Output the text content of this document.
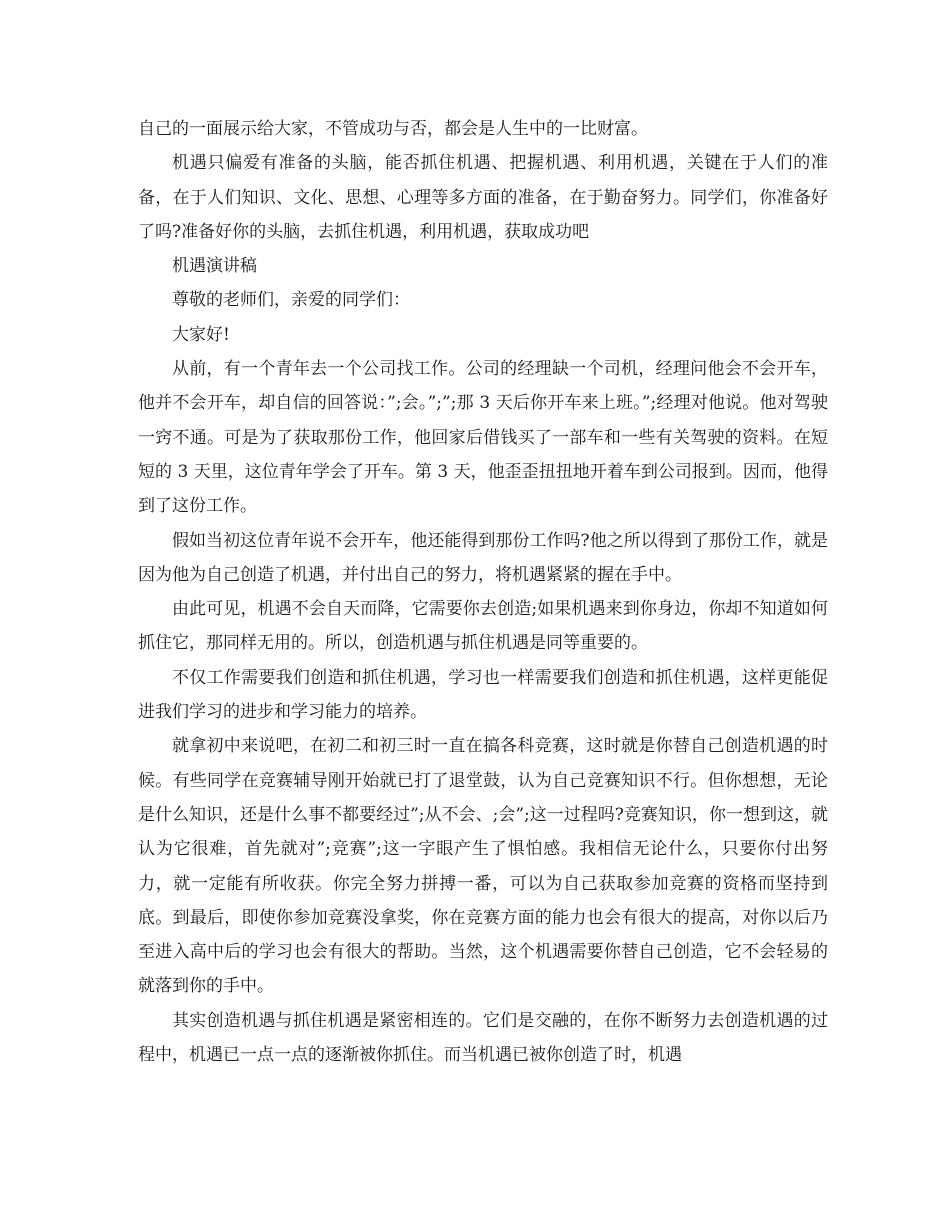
自己的一面展示给大家，不管成功与否，都会是人生中的一比财富。

机遇只偏爱有准备的头脑，能否抓住机遇、把握机遇、利用机遇，关键在于人们的准备，在于人们知识、文化、思想、心理等多方面的准备，在于勤奋努力。同学们，你准备好了吗?准备好你的头脑，去抓住机遇，利用机遇，获取成功吧

机遇演讲稿

尊敬的老师们，亲爱的同学们：

大家好!

从前，有一个青年去一个公司找工作。公司的经理缺一个司机，经理问他会不会开车，他并不会开车，却自信的回答说：”;会。”;”;那 3 天后你开车来上班。”;经理对他说。他对驾驶一窍不通。可是为了获取那份工作，他回家后借钱买了一部车和一些有关驾驶的资料。在短短的 3 天里，这位青年学会了开车。第 3 天，他歪歪扭扭地开着车到公司报到。因而，他得到了这份工作。

假如当初这位青年说不会开车，他还能得到那份工作吗?他之所以得到了那份工作，就是因为他为自己创造了机遇，并付出自己的努力，将机遇紧紧的握在手中。

由此可见，机遇不会自天而降，它需要你去创造;如果机遇来到你身边，你却不知道如何抓住它，那同样无用的。所以，创造机遇与抓住机遇是同等重要的。

不仅工作需要我们创造和抓住机遇，学习也一样需要我们创造和抓住机遇，这样更能促进我们学习的进步和学习能力的培养。

就拿初中来说吧，在初二和初三时一直在搞各科竞赛，这时就是你替自己创造机遇的时候。有些同学在竞赛辅导刚开始就已打了退堂鼓，认为自己竞赛知识不行。但你想想，无论是什么知识，还是什么事不都要经过”;从不会、;会”;这一过程吗?竞赛知识，你一想到这，就认为它很难，首先就对”;竞赛”;这一字眼产生了惧怕感。我相信无论什么，只要你付出努力，就一定能有所收获。你完全努力拼搏一番，可以为自己获取参加竞赛的资格而坚持到底。到最后，即使你参加竞赛没拿奖，你在竞赛方面的能力也会有很大的提高，对你以后乃至进入高中后的学习也会有很大的帮助。当然，这个机遇需要你替自己创造，它不会轻易的就落到你的手中。

其实创造机遇与抓住机遇是紧密相连的。它们是交融的，在你不断努力去创造机遇的过程中，机遇已一点一点的逐渐被你抓住。而当机遇已被你创造了时，机遇
